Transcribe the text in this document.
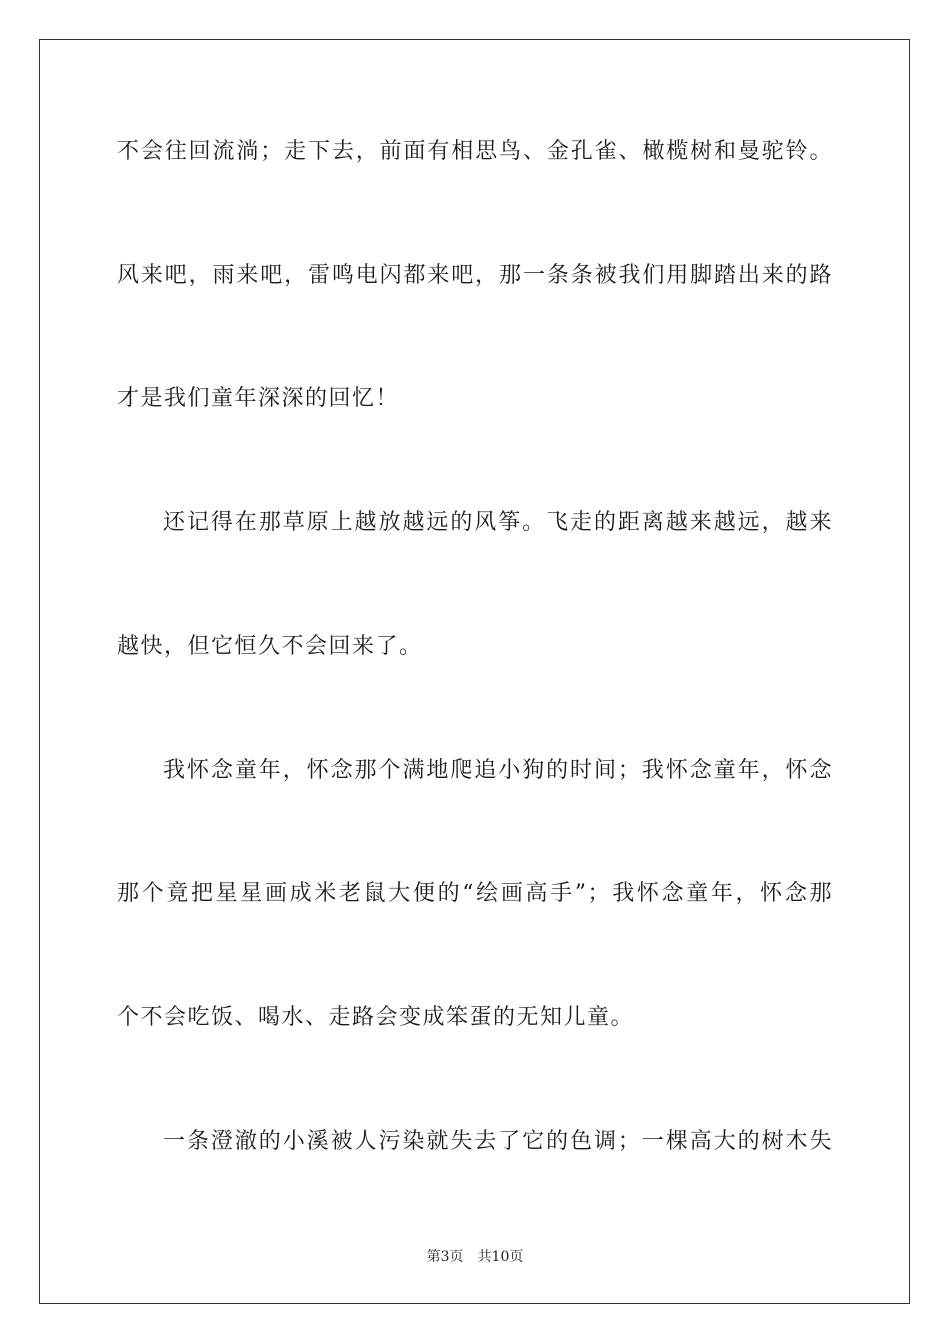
不会往回流淌；走下去，前面有相思鸟、金孔雀、橄榄树和曼驼铃。
风来吧，雨来吧，雷鸣电闪都来吧，那一条条被我们用脚踏出来的路
才是我们童年深深的回忆！
还记得在那草原上越放越远的风筝。飞走的距离越来越远，越来
越快，但它恒久不会回来了。
我怀念童年，怀念那个满地爬追小狗的时间；我怀念童年，怀念
那个竟把星星画成米老鼠大便的“绘画高手”；我怀念童年，怀念那
个不会吃饭、喝水、走路会变成笨蛋的无知儿童。
一条澄澈的小溪被人污染就失去了它的色调；一棵高大的树木失
第3页 共10页
